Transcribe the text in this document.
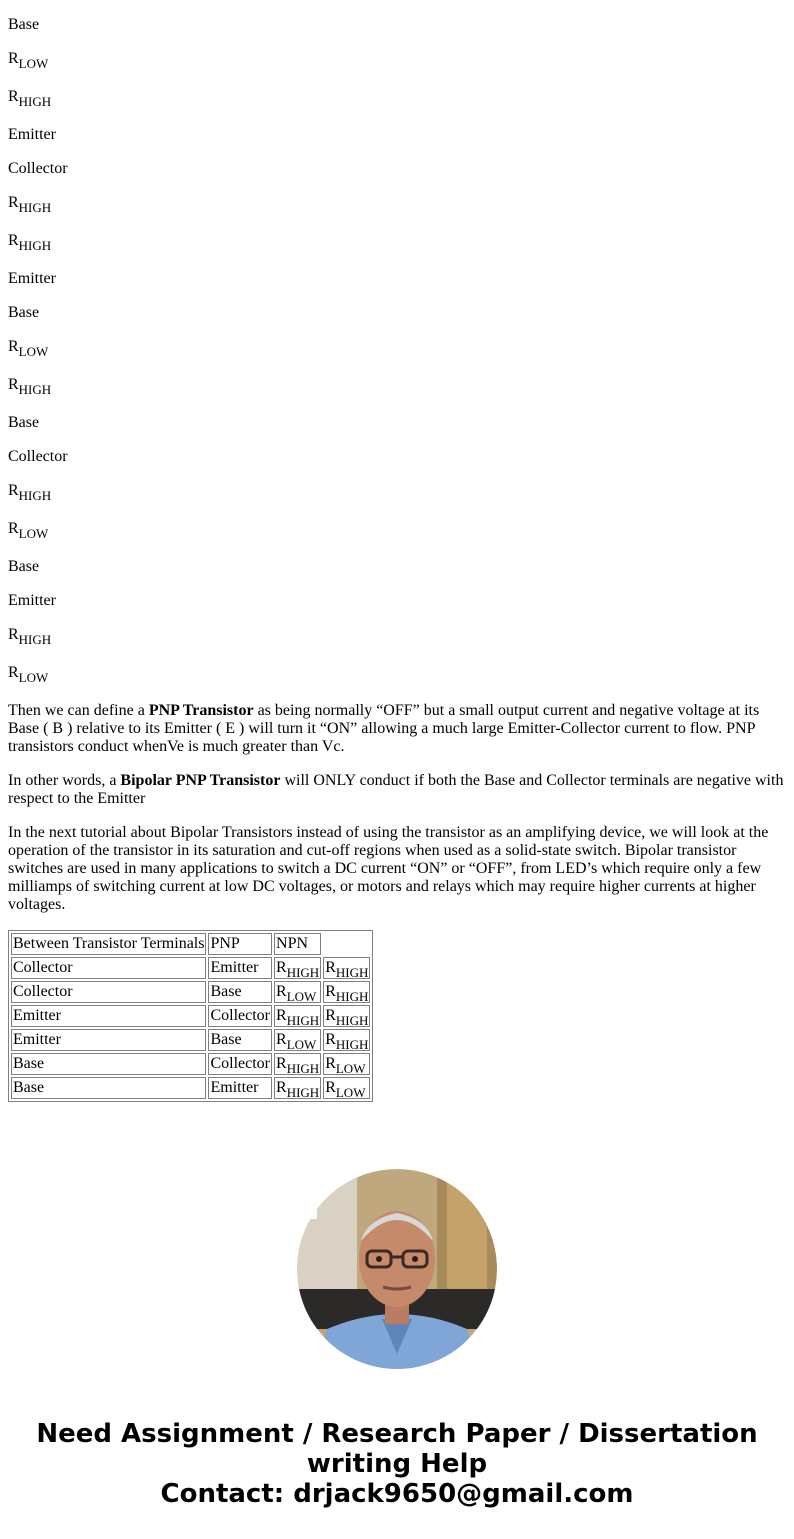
Base

$R_{LOW}$

$R_{HIGH}$

Emitter

Collector

$R_{HIGH}$

$R_{HIGH}$

Emitter

Base

$R_{LOW}$

$R_{HIGH}$

Base

Collector

$R_{HIGH}$

$R_{LOW}$

Base

Emitter

$R_{HIGH}$

$R_{LOW}$

Then we can define a PNP Transistor as being normally “OFF” but a small output current and negative voltage at its Base ( B ) relative to its Emitter ( E ) will turn it “ON” allowing a much large Emitter-Collector current to flow. PNP transistors conduct whenVe is much greater than Vc.

In other words, a Bipolar PNP Transistor will ONLY conduct if both the Base and Collector terminals are negative with respect to the Emitter

In the next tutorial about Bipolar Transistors instead of using the transistor as an amplifying device, we will look at the operation of the transistor in its saturation and cut-off regions when used as a solid-state switch. Bipolar transistor switches are used in many applications to switch a DC current “ON” or “OFF”, from LED’s which require only a few milliamps of switching current at low DC voltages, or motors and relays which may require higher currents at higher voltages.

Between Transistor Terminals	PNP	NPN	
Collector	Emitter	$R_{HIGH}$	$R_{HIGH}$
Collector	Base	$R_{LOW}$	$R_{HIGH}$
Emitter	Collector	$R_{HIGH}$	$R_{HIGH}$
Emitter	Base	$R_{LOW}$	$R_{HIGH}$
Base	Collector	$R_{HIGH}$	$R_{LOW}$
Base	Emitter	$R_{HIGH}$	$R_{LOW}$
Need Assignment / Research Paper / Dissertation
writing Help
Contact: drjack9650@gmail.com
